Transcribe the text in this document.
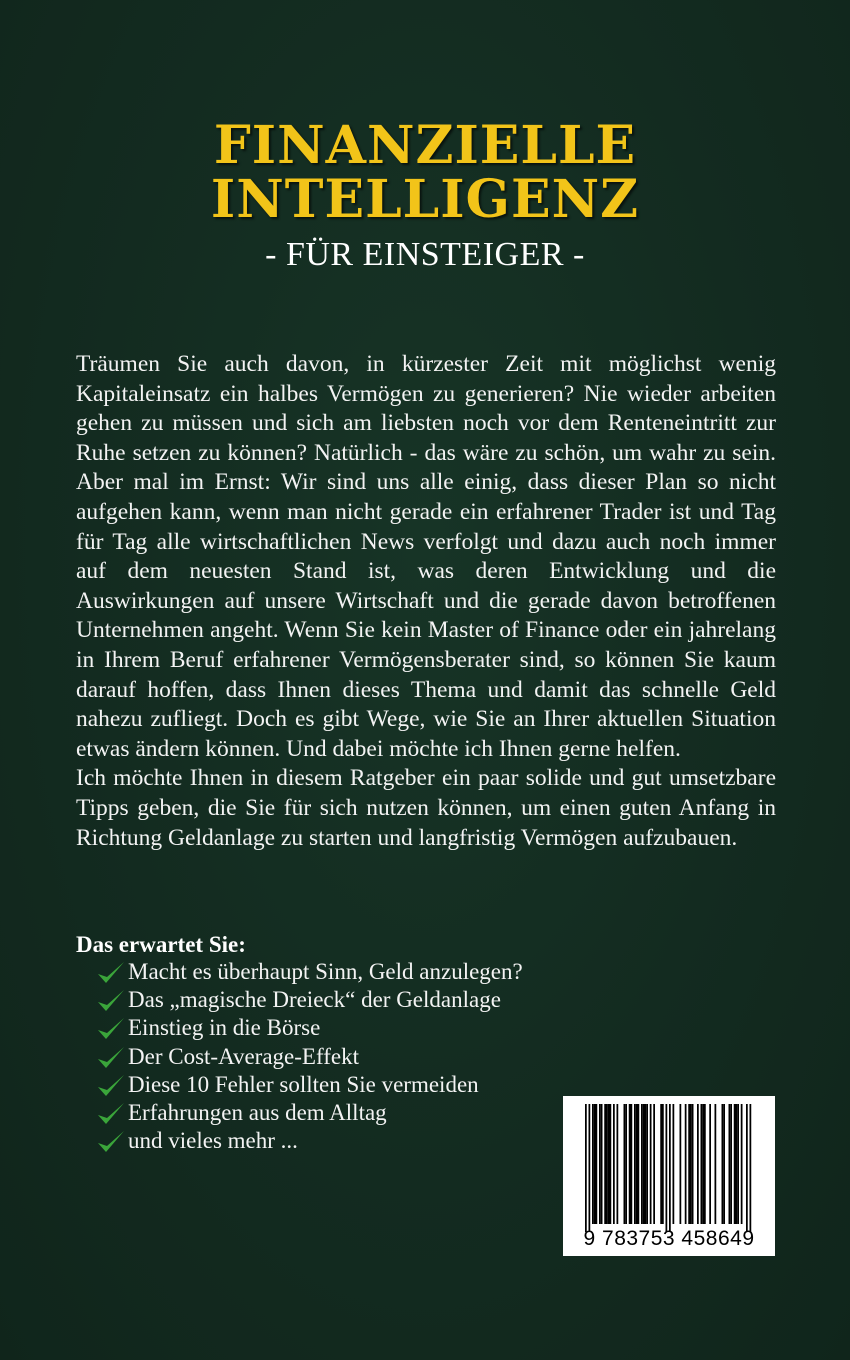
FINANZIELLE
INTELLIGENZ
- FÜR EINSTEIGER -

Träumen Sie auch davon, in kürzester Zeit mit möglichst wenig Kapitaleinsatz ein halbes Vermögen zu generieren? Nie wieder arbeiten gehen zu müssen und sich am liebsten noch vor dem Renteneintritt zur Ruhe setzen zu können? Natürlich - das wäre zu schön, um wahr zu sein. Aber mal im Ernst: Wir sind uns alle einig, dass dieser Plan so nicht aufgehen kann, wenn man nicht gerade ein erfahrener Trader ist und Tag für Tag alle wirtschaftlichen News verfolgt und dazu auch noch immer auf dem neuesten Stand ist, was deren Entwicklung und die Auswirkungen auf unsere Wirtschaft und die gerade davon betroffenen Unternehmen angeht. Wenn Sie kein Master of Finance oder ein jahrelang in Ihrem Beruf erfahrener Vermögensberater sind, so können Sie kaum darauf hoffen, dass Ihnen dieses Thema und damit das schnelle Geld nahezu zufliegt. Doch es gibt Wege, wie Sie an Ihrer aktuellen Situation etwas ändern können. Und dabei möchte ich Ihnen gerne helfen.

Ich möchte Ihnen in diesem Ratgeber ein paar solide und gut umsetzbare Tipps geben, die Sie für sich nutzen können, um einen guten Anfang in Richtung Geldanlage zu starten und langfristig Vermögen aufzubauen.

Das erwartet Sie:
Macht es überhaupt Sinn, Geld anzulegen?
Das „magische Dreieck“ der Geldanlage
Einstieg in die Börse
Der Cost-Average-Effekt
Diese 10 Fehler sollten Sie vermeiden
Erfahrungen aus dem Alltag
und vieles mehr ...
9 783753 458649
